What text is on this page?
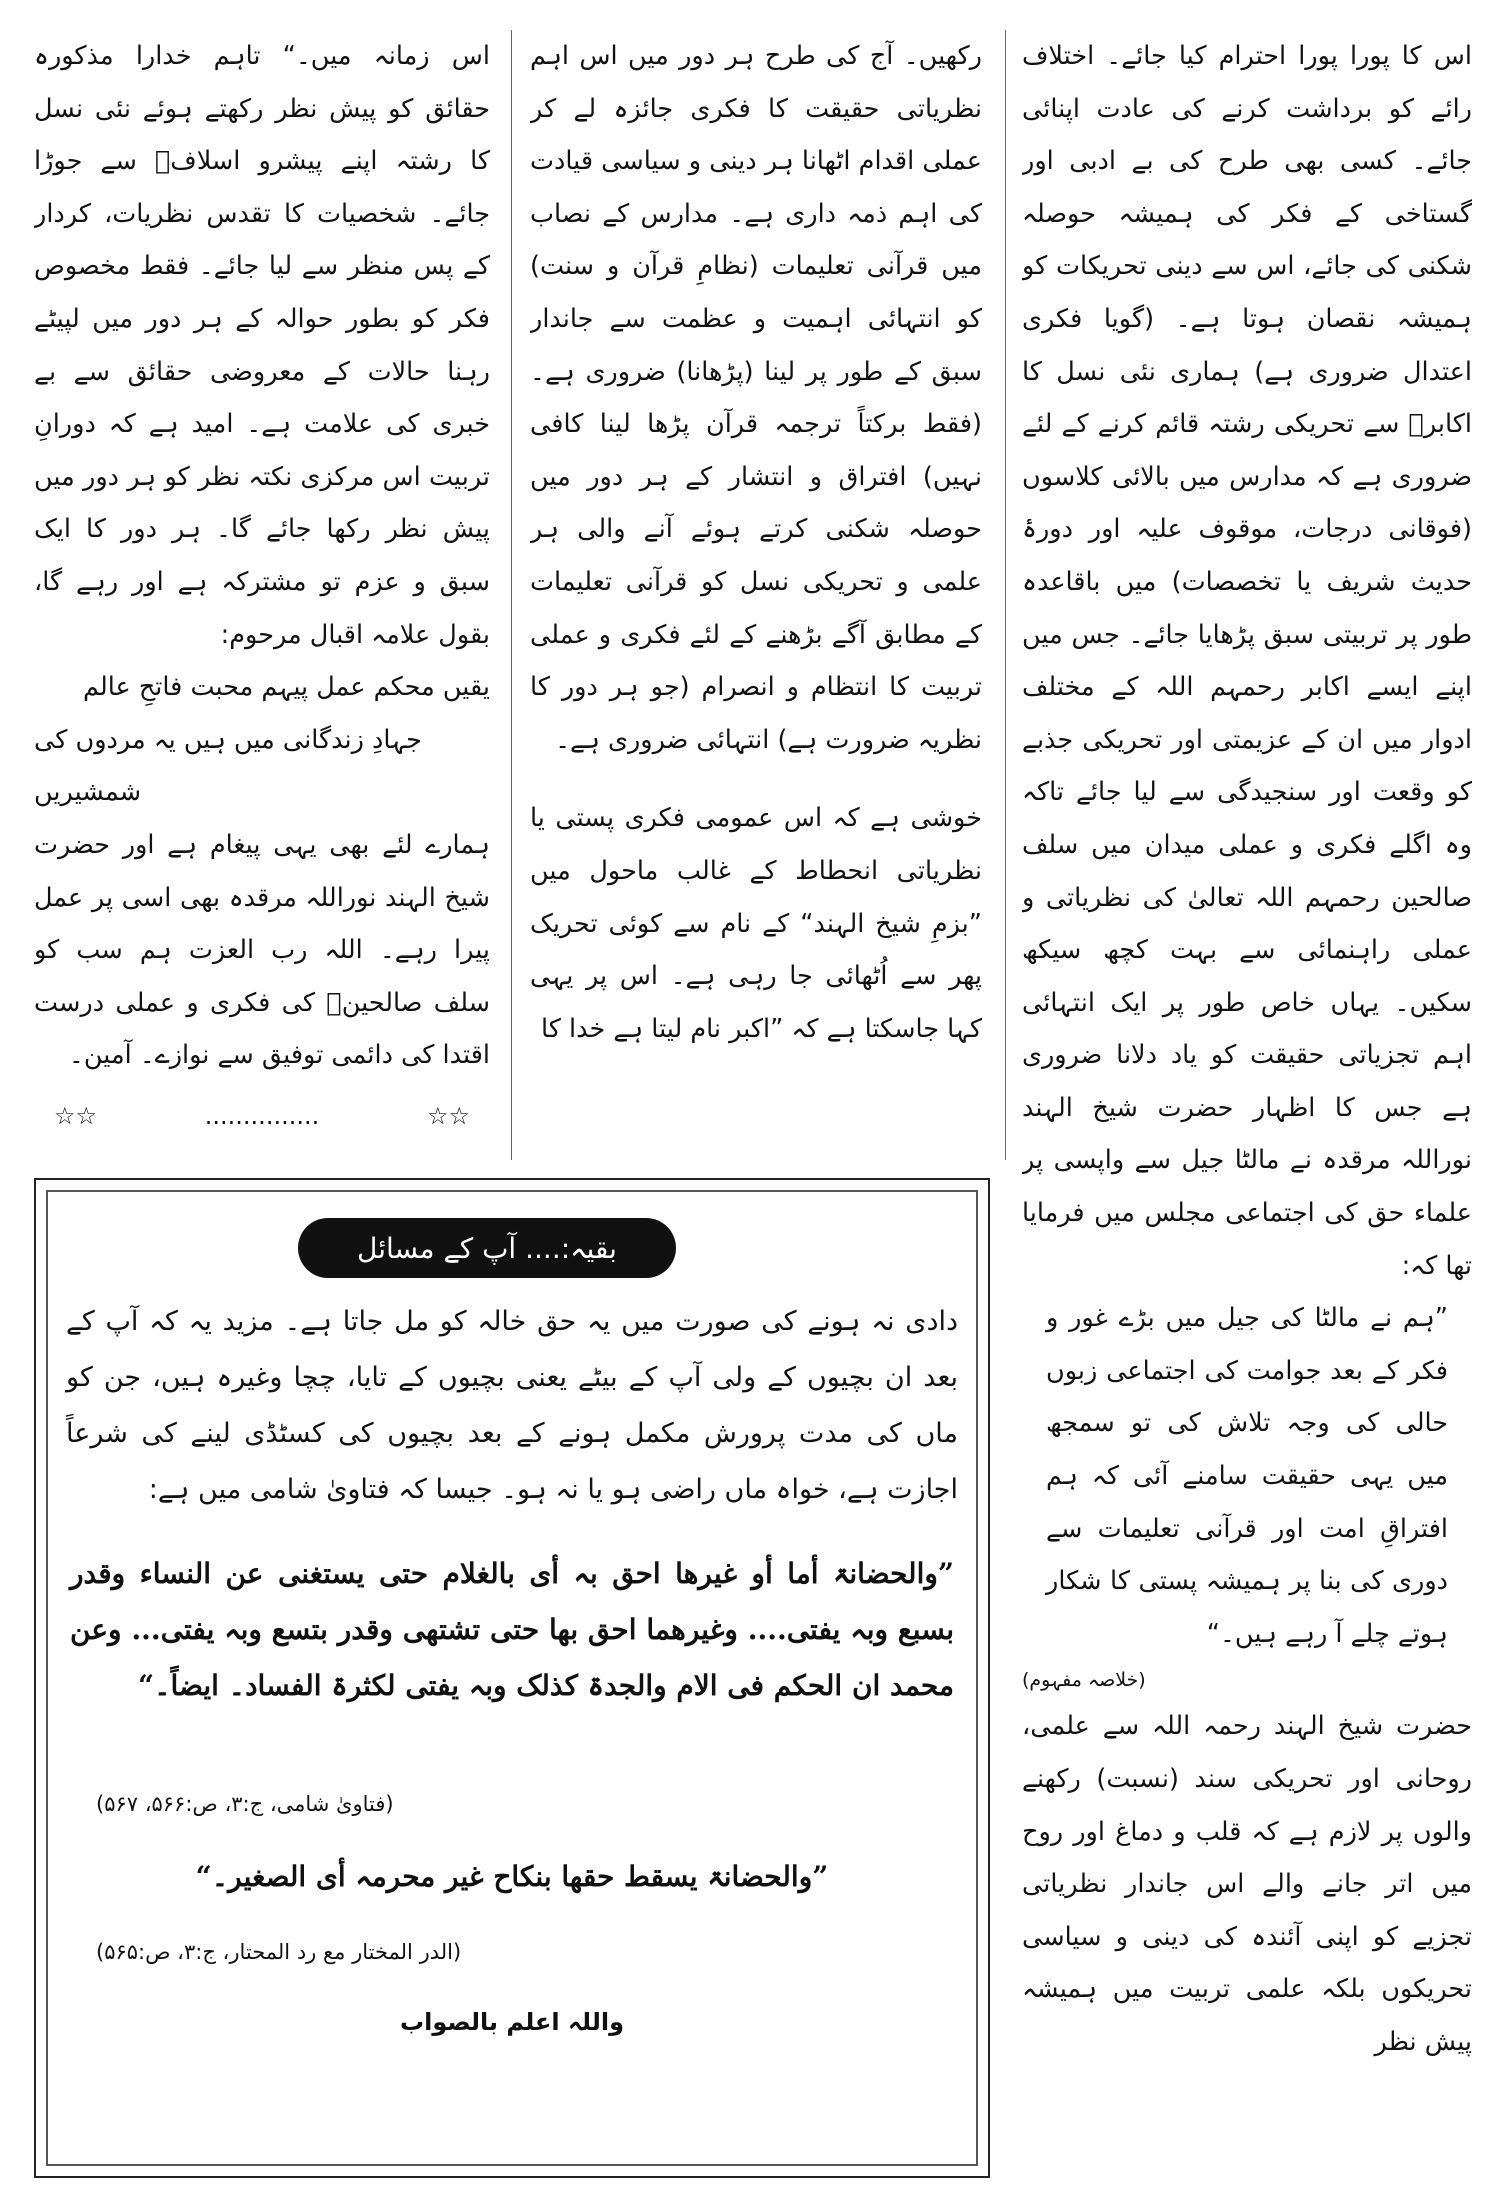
اس کا پورا پورا احترام کیا جائے۔ اختلاف رائے کو برداشت کرنے کی عادت اپنائی جائے۔ کسی بھی طرح کی بے ادبی اور گستاخی کے فکر کی ہمیشہ حوصلہ شکنی کی جائے، اس سے دینی تحریکات کو ہمیشہ نقصان ہوتا ہے۔ (گویا فکری اعتدال ضروری ہے) ہماری نئی نسل کا اکابرؒ سے تحریکی رشتہ قائم کرنے کے لئے ضروری ہے کہ مدارس میں بالائی کلاسوں (فوقانی درجات، موقوف علیہ اور دورۂ حدیث شریف یا تخصصات) میں باقاعدہ طور پر تربیتی سبق پڑھایا جائے۔ جس میں اپنے ایسے اکابر رحمہم اللہ کے مختلف ادوار میں ان کے عزیمتی اور تحریکی جذبے کو وقعت اور سنجیدگی سے لیا جائے تاکہ وہ اگلے فکری و عملی میدان میں سلف صالحین رحمہم اللہ تعالیٰ کی نظریاتی و عملی راہنمائی سے بہت کچھ سیکھ سکیں۔ یہاں خاص طور پر ایک انتہائی اہم تجزیاتی حقیقت کو یاد دلانا ضروری ہے جس کا اظہار حضرت شیخ الہند نوراللہ مرقدہ نے مالٹا جیل سے واپسی پر علماء حق کی اجتماعی مجلس میں فرمایا تھا کہ:

”ہم نے مالٹا کی جیل میں بڑے غور و فکر کے بعد جوامت کی اجتماعی زبوں حالی کی وجہ تلاش کی تو سمجھ میں یہی حقیقت سامنے آئی کہ ہم افتراقِ امت اور قرآنی تعلیمات سے دوری کی بنا پر ہمیشہ پستی کا شکار ہوتے چلے آ رہے ہیں۔“

(خلاصہ مفہوم)

حضرت شیخ الہند رحمہ اللہ سے علمی، روحانی اور تحریکی سند (نسبت) رکھنے والوں پر لازم ہے کہ قلب و دماغ اور روح میں اتر جانے والے اس جاندار نظریاتی تجزیے کو اپنی آئندہ کی دینی و سیاسی تحریکوں بلکہ علمی تربیت میں ہمیشہ پیش نظر

رکھیں۔ آج کی طرح ہر دور میں اس اہم نظریاتی حقیقت کا فکری جائزہ لے کر عملی اقدام اٹھانا ہر دینی و سیاسی قیادت کی اہم ذمہ داری ہے۔ مدارس کے نصاب میں قرآنی تعلیمات (نظامِ قرآن و سنت) کو انتہائی اہمیت و عظمت سے جاندار سبق کے طور پر لینا (پڑھانا) ضروری ہے۔ (فقط برکتاً ترجمہ قرآن پڑھا لینا کافی نہیں) افتراق و انتشار کے ہر دور میں حوصلہ شکنی کرتے ہوئے آنے والی ہر علمی و تحریکی نسل کو قرآنی تعلیمات کے مطابق آگے بڑھنے کے لئے فکری و عملی تربیت کا انتظام و انصرام (جو ہر دور کا نظریہ ضرورت ہے) انتہائی ضروری ہے۔

خوشی ہے کہ اس عمومی فکری پستی یا نظریاتی انحطاط کے غالب ماحول میں ”بزمِ شیخ الہند“ کے نام سے کوئی تحریک پھر سے اُٹھائی جا رہی ہے۔ اس پر یہی کہا جاسکتا ہے کہ ”اکبر نام لیتا ہے خدا کا

اس زمانہ میں۔“ تاہم خدارا مذکورہ حقائق کو پیش نظر رکھتے ہوئے نئی نسل کا رشتہ اپنے پیشرو اسلافؒ سے جوڑا جائے۔ شخصیات کا تقدس نظریات، کردار کے پس منظر سے لیا جائے۔ فقط مخصوص فکر کو بطور حوالہ کے ہر دور میں لپیٹے رہنا حالات کے معروضی حقائق سے بے خبری کی علامت ہے۔ امید ہے کہ دورانِ تربیت اس مرکزی نکتہ نظر کو ہر دور میں پیش نظر رکھا جائے گا۔ ہر دور کا ایک سبق و عزم تو مشترکہ ہے اور رہے گا، بقول علامہ اقبال مرحوم:

یقیں محکم عمل پیہم محبت فاتحِ عالم

جہادِ زندگانی میں ہیں یہ مردوں کی شمشیریں

ہمارے لئے بھی یہی پیغام ہے اور حضرت شیخ الہند نوراللہ مرقدہ بھی اسی پر عمل پیرا رہے۔ اللہ رب العزت ہم سب کو سلف صالحینؒ کی فکری و عملی درست اقتدا کی دائمی توفیق سے نوازے۔ آمین۔

☆☆
...............
☆☆
بقیہ:.... آپ کے مسائل

دادی نہ ہونے کی صورت میں یہ حق خالہ کو مل جاتا ہے۔ مزید یہ کہ آپ کے بعد ان بچیوں کے ولی آپ کے بیٹے یعنی بچیوں کے تایا، چچا وغیرہ ہیں، جن کو ماں کی مدت پرورش مکمل ہونے کے بعد بچیوں کی کسٹڈی لینے کی شرعاً اجازت ہے، خواہ ماں راضی ہو یا نہ ہو۔ جیسا کہ فتاویٰ شامی میں ہے:

”والحضانۃ أما أو غیرھا احق بہ أی بالغلام حتی یستغنی عن النساء وقدر بسبع وبہ یفتی.... وغیرھما احق بھا حتی تشتھی وقدر بتسع وبہ یفتی... وعن محمد ان الحکم فی الام والجدۃ کذلک وبہ یفتی لکثرۃ الفساد۔ ایضاً۔“

(فتاویٰ شامی، ج:۳، ص:۵۶۶، ۵۶۷)
”والحضانۃ یسقط حقھا بنکاح غیر محرمہ أی الصغیر۔“
(الدر المختار مع رد المحتار، ج:۳، ص:۵۶۵)
واللہ اعلم بالصواب
